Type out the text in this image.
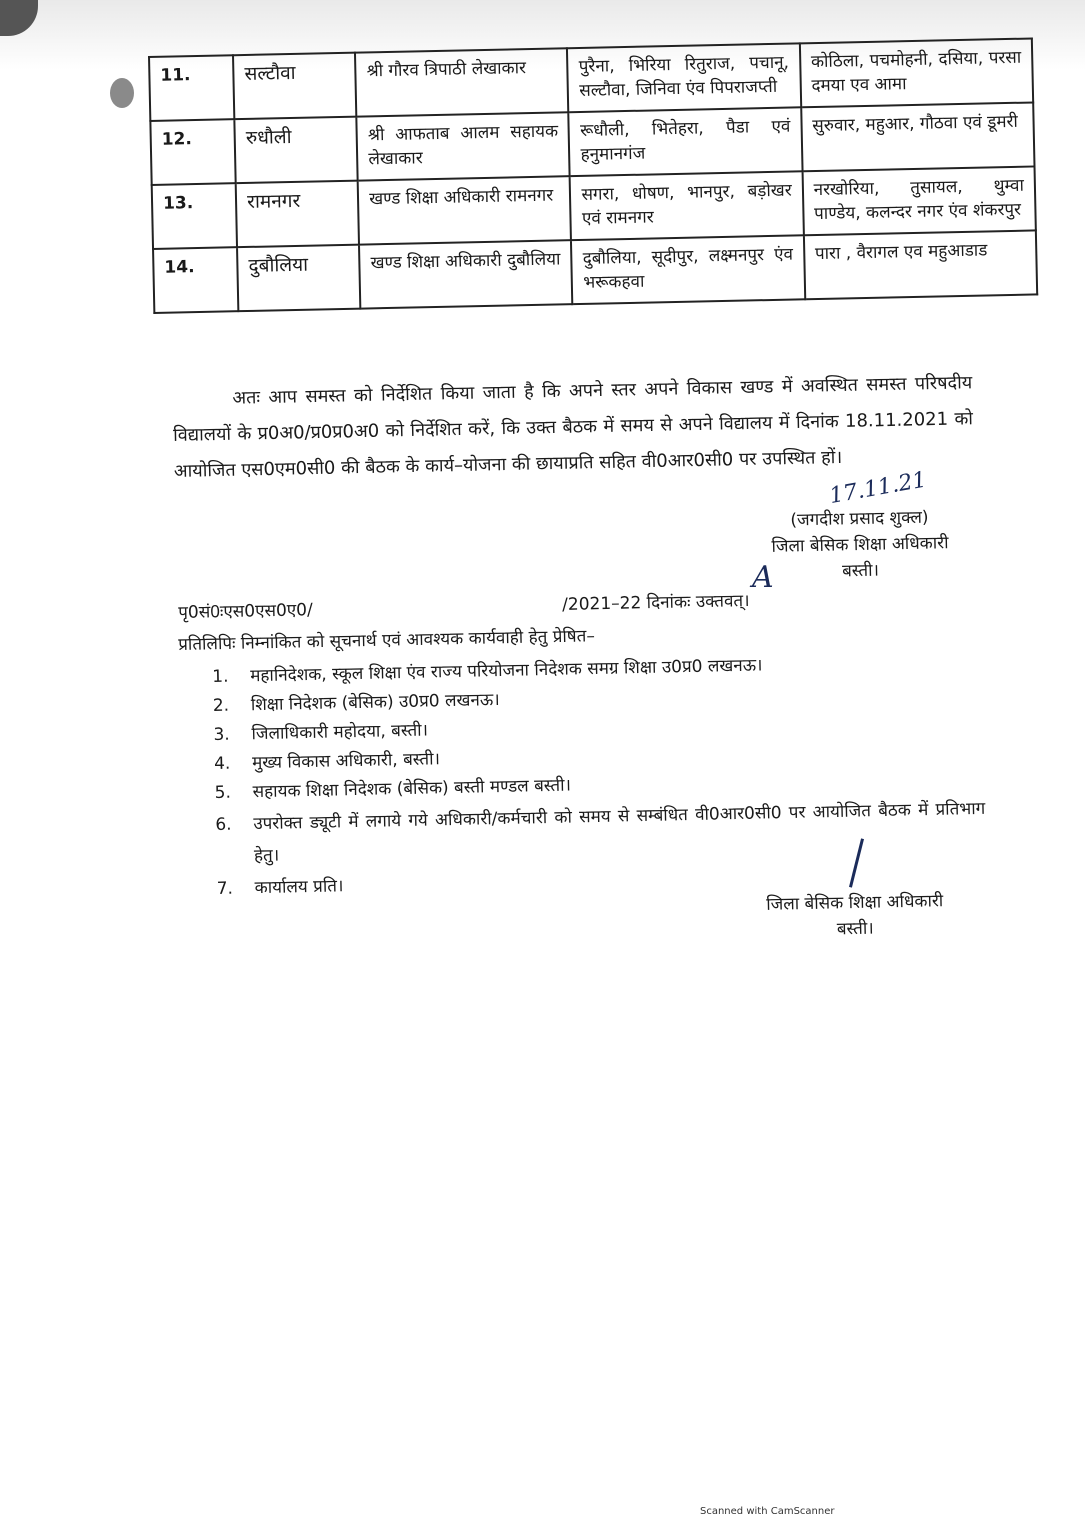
11.	सल्टौवा	श्री गौरव त्रिपाठी लेखाकार	पुरैना, भिरिया रितुराज, पचानू, सल्टौवा, जिनिवा एंव पिपराजप्ती	कोठिला, पचमोहनी, दसिया, परसा दमया एव आमा
12.	रुधौली	श्री आफताब आलम सहायक लेखाकार	रूधौली, भितेहरा, पैडा एवं हनुमानगंज	सुरुवार, महुआर, गौठवा एवं डूमरी
13.	रामनगर	खण्ड शिक्षा अधिकारी रामनगर	सगरा, धोषण, भानपुर, बड़ोखर एवं रामनगर	नरखोरिया, तुसायल, थुम्वा पाण्डेय, कलन्दर नगर एंव शंकरपुर
14.	दुबौलिया	खण्ड शिक्षा अधिकारी दुबौलिया	दुबौलिया, सूदीपुर, लक्ष्मनपुर एंव भरूकहवा	पारा , वैरागल एव महुआडाड
अतः आप समस्त को निर्देशित किया जाता है कि अपने स्तर अपने विकास खण्ड में अवस्थित समस्त परिषदीय विद्यालयों के प्र0अ0/प्र0प्र0अ0 को निर्देशित करें, कि उक्त बैठक में समय से अपने विद्यालय में दिनांक 18.11.2021 को आयोजित एस0एम0सी0 की बैठक के कार्य–योजना की छायाप्रति सहित वी0आर0सी0 पर उपस्थित हों।
17.11.21
(जगदीश प्रसाद शुक्ल)
जिला बेसिक शिक्षा अधिकारी
बस्ती।
A
पृ0सं0ःएस0एस0ए0/	/2021–22 दिनांकः उक्तवत्।
प्रतिलिपिः निम्नांकित को सूचनार्थ एवं आवश्यक कार्यवाही हेतु प्रेषित–
1. महानिदेशक, स्कूल शिक्षा एंव राज्य परियोजना निदेशक समग्र शिक्षा उ0प्र0 लखनऊ।
2. शिक्षा निदेशक (बेसिक) उ0प्र0 लखनऊ।
3. जिलाधिकारी महोदया, बस्ती।
4. मुख्य विकास अधिकारी, बस्ती।
5. सहायक शिक्षा निदेशक (बेसिक) बस्ती मण्डल बस्ती।
6. उपरोक्त ड्यूटी में लगाये गये अधिकारी/कर्मचारी को समय से सम्बंधित वी0आर0सी0 पर आयोजित बैठक में प्रतिभाग हेतु।
7. कार्यालय प्रति।
जिला बेसिक शिक्षा अधिकारी
बस्ती।
Scanned with CamScanner
